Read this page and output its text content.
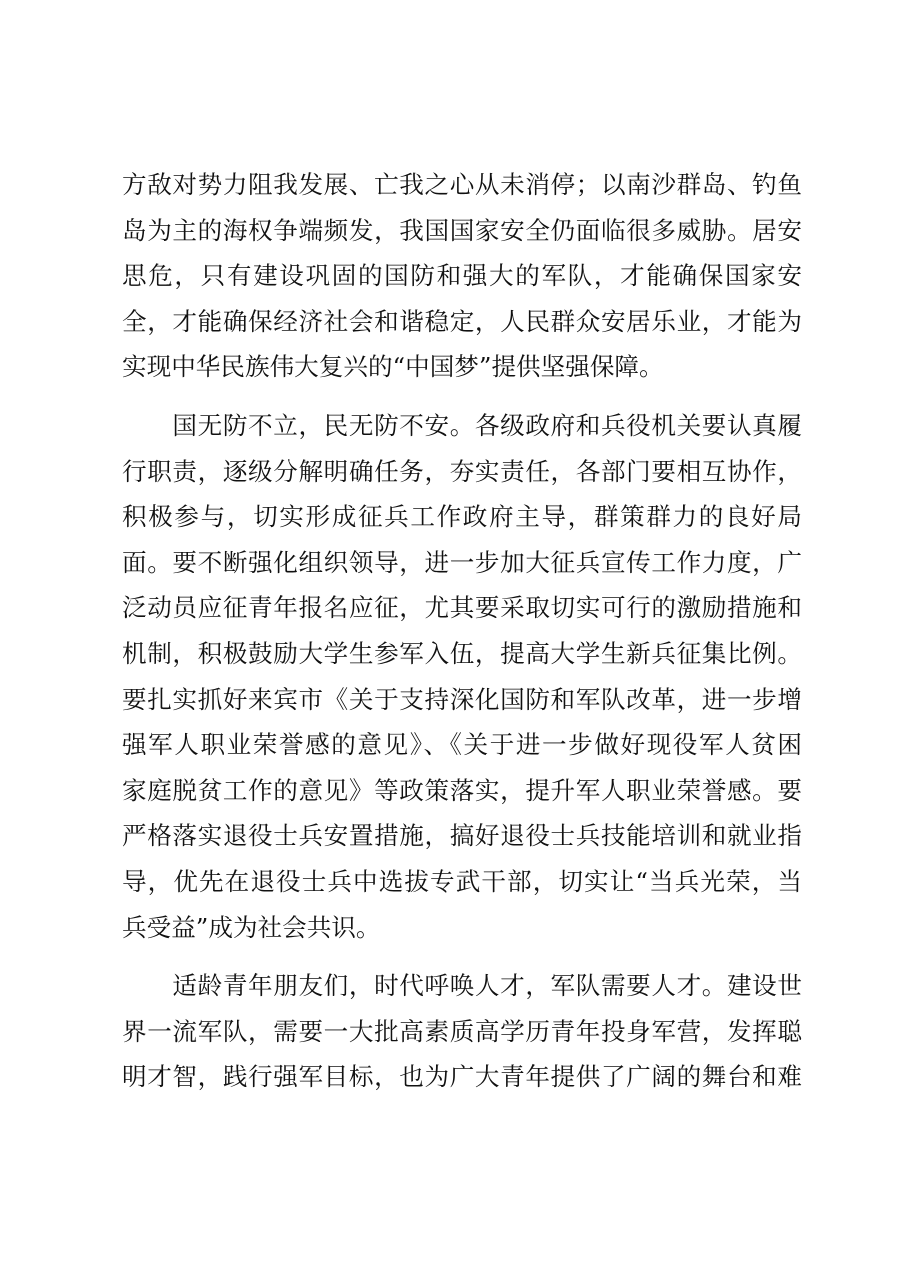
方敌对势力阻我发展、亡我之心从未消停；以南沙群岛、钓鱼
岛为主的海权争端频发，我国国家安全仍面临很多威胁。居安
思危，只有建设巩固的国防和强大的军队，才能确保国家安
全，才能确保经济社会和谐稳定，人民群众安居乐业，才能为
实现中华民族伟大复兴的“中国梦”提供坚强保障。
　　国无防不立，民无防不安。各级政府和兵役机关要认真履
行职责，逐级分解明确任务，夯实责任，各部门要相互协作，
积极参与，切实形成征兵工作政府主导，群策群力的良好局
面。要不断强化组织领导，进一步加大征兵宣传工作力度，广
泛动员应征青年报名应征，尤其要采取切实可行的激励措施和
机制，积极鼓励大学生参军入伍，提高大学生新兵征集比例。
要扎实抓好来宾市《关于支持深化国防和军队改革，进一步增
强军人职业荣誉感的意见》、《关于进一步做好现役军人贫困
家庭脱贫工作的意见》等政策落实，提升军人职业荣誉感。要
严格落实退役士兵安置措施，搞好退役士兵技能培训和就业指
导，优先在退役士兵中选拔专武干部，切实让“当兵光荣，当
兵受益”成为社会共识。
　　适龄青年朋友们，时代呼唤人才，军队需要人才。建设世
界一流军队，需要一大批高素质高学历青年投身军营，发挥聪
明才智，践行强军目标，也为广大青年提供了广阔的舞台和难
